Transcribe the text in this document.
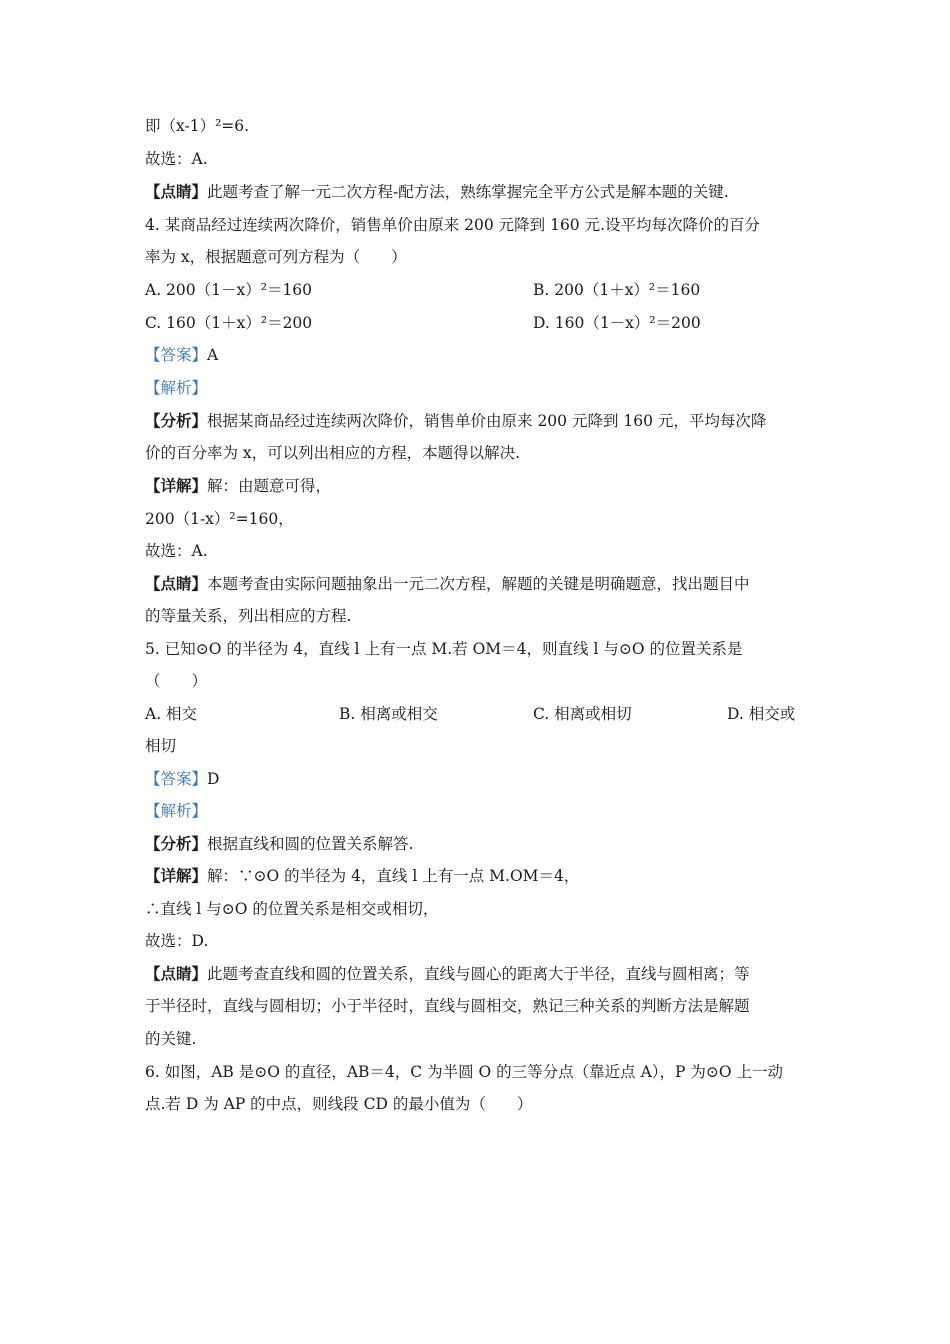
即（x-1）²=6.
故选：A.
【点睛】此题考查了解一元二次方程-配方法，熟练掌握完全平方公式是解本题的关键.
4. 某商品经过连续两次降价，销售单价由原来 200 元降到 160 元.设平均每次降价的百分
率为 x，根据题意可列方程为（　　）
A. 200（1－x）²＝160	B. 200（1＋x）²＝160
C. 160（1＋x）²＝200	D. 160（1－x）²＝200
【答案】A
【解析】
【分析】根据某商品经过连续两次降价，销售单价由原来 200 元降到 160 元，平均每次降
价的百分率为 x，可以列出相应的方程，本题得以解决.
【详解】解：由题意可得，
200（1-x）²=160，
故选：A.
【点睛】本题考查由实际问题抽象出一元二次方程，解题的关键是明确题意，找出题目中
的等量关系，列出相应的方程.
5. 已知⊙O 的半径为 4，直线 l 上有一点 M.若 OM＝4，则直线 l 与⊙O 的位置关系是
（　　）
A. 相交	B. 相离或相交	C. 相离或相切	D. 相交或
相切
【答案】D
【解析】
【分析】根据直线和圆的位置关系解答.
【详解】解：∵⊙O 的半径为 4，直线 l 上有一点 M.OM＝4，
∴直线 l 与⊙O 的位置关系是相交或相切，
故选：D.
【点睛】此题考查直线和圆的位置关系，直线与圆心的距离大于半径，直线与圆相离；等
于半径时，直线与圆相切；小于半径时，直线与圆相交，熟记三种关系的判断方法是解题
的关键.
6. 如图，AB 是⊙O 的直径，AB＝4，C 为半圆 O 的三等分点（靠近点 A），P 为⊙O 上一动
点.若 D 为 AP 的中点，则线段 CD 的最小值为（　　）
